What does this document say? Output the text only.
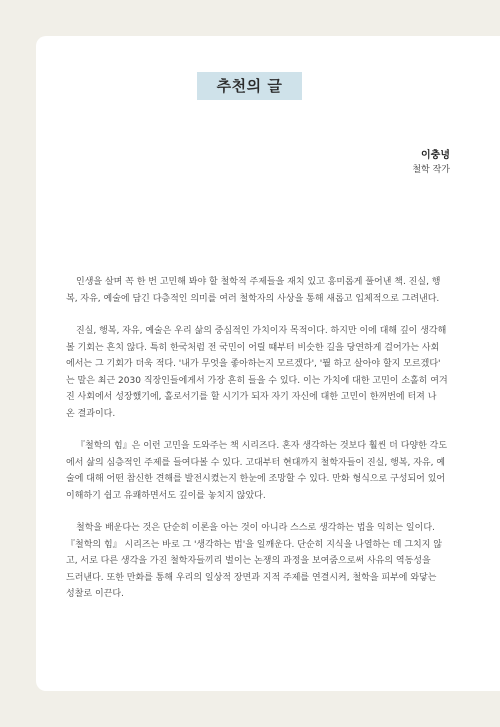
추천의 글
이충녕
철학 작가

인생을 살며 꼭 한 번 고민해 봐야 할 철학적 주제들을 재치 있고 흥미롭게 풀어낸 책. 진실, 행
복, 자유, 예술에 담긴 다층적인 의미를 여러 철학자의 사상을 통해 새롭고 입체적으로 그려낸다.

진실, 행복, 자유, 예술은 우리 삶의 중심적인 가치이자 목적이다. 하지만 이에 대해 깊이 생각해
볼 기회는 흔치 않다. 특히 한국처럼 전 국민이 어릴 때부터 비슷한 길을 당연하게 걸어가는 사회
에서는 그 기회가 더욱 적다. '내가 무엇을 좋아하는지 모르겠다', '뭘 하고 살아야 할지 모르겠다'
는 말은 최근 2030 직장인들에게서 가장 흔히 들을 수 있다. 이는 가치에 대한 고민이 소홀히 여겨
진 사회에서 성장했기에, 홀로서기를 할 시기가 되자 자기 자신에 대한 고민이 한꺼번에 터져 나
온 결과이다.

『철학의 힘』은 이런 고민을 도와주는 책 시리즈다. 혼자 생각하는 것보다 훨씬 더 다양한 각도
에서 삶의 심층적인 주제를 들여다볼 수 있다. 고대부터 현대까지 철학자들이 진실, 행복, 자유, 예
술에 대해 어떤 참신한 견해를 발전시켰는지 한눈에 조망할 수 있다. 만화 형식으로 구성되어 있어
이해하기 쉽고 유쾌하면서도 깊이를 놓치지 않았다.

철학을 배운다는 것은 단순히 이론을 아는 것이 아니라 스스로 생각하는 법을 익히는 일이다.
『철학의 힘』 시리즈는 바로 그 '생각하는 법'을 일깨운다. 단순히 지식을 나열하는 데 그치지 않
고, 서로 다른 생각을 가진 철학자들끼리 벌이는 논쟁의 과정을 보여줌으로써 사유의 역동성을
드러낸다. 또한 만화를 통해 우리의 일상적 장면과 지적 주제를 연결시켜, 철학을 피부에 와닿는
성찰로 이끈다.
